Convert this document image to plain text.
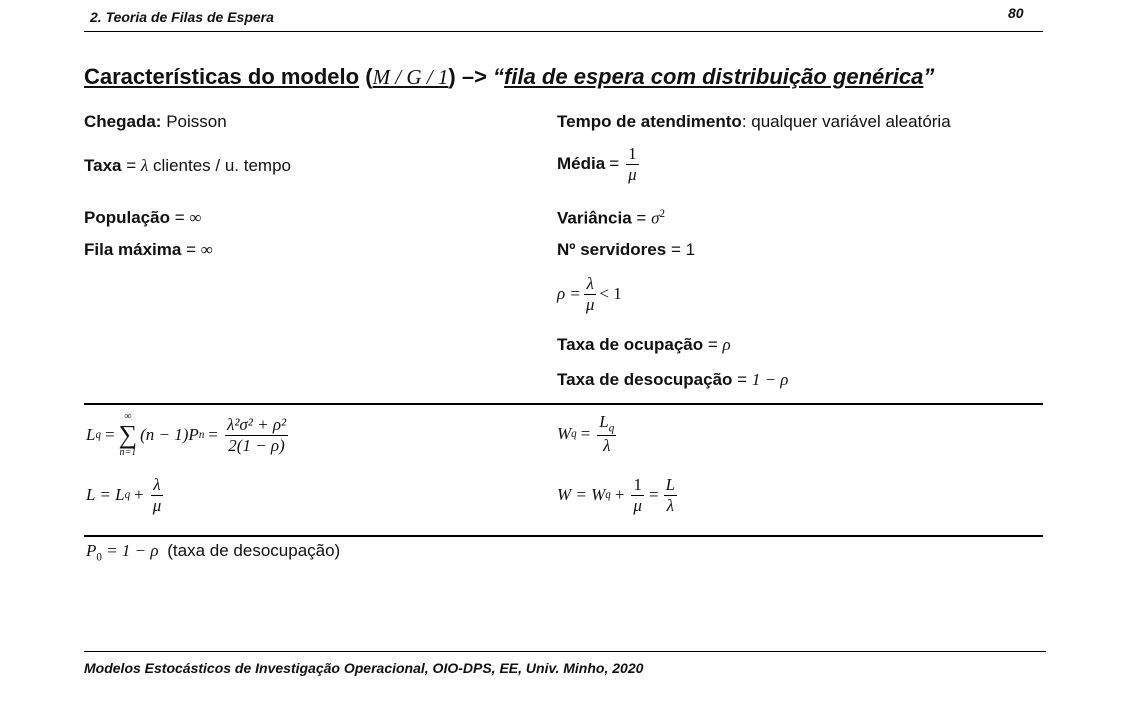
2. Teoria de Filas de Espera	80
Características do modelo (M / G / 1) –> “fila de espera com distribuição genérica”
Chegada: Poisson
Taxa = λ clientes / u. tempo
População = ∞
Fila máxima = ∞
Tempo de atendimento: qualquer variável aleatória
Média = $\frac{1}{\mu}$
Variância = $\sigma^2$
Nº servidores = 1
$\rho = \frac{\lambda}{\mu} < 1$
Taxa de ocupação = ρ
Taxa de desocupação = 1 − ρ
L q =
∞
∑
n=1
(n − 1)P $n = \frac{\text{λ²σ² + ρ²}}{2(1 - \rho)}$	W $q = \frac{L_q}{\lambda}$
L = L $q + \frac{\lambda}{\mu}$	W = W $q + \frac{1}{\mu} = \frac{L}{\lambda}$
$P_0 = 1 - \rho$ (taxa de desocupação)
Modelos Estocásticos de Investigação Operacional, OIO-DPS, EE, Univ. Minho, 2020
